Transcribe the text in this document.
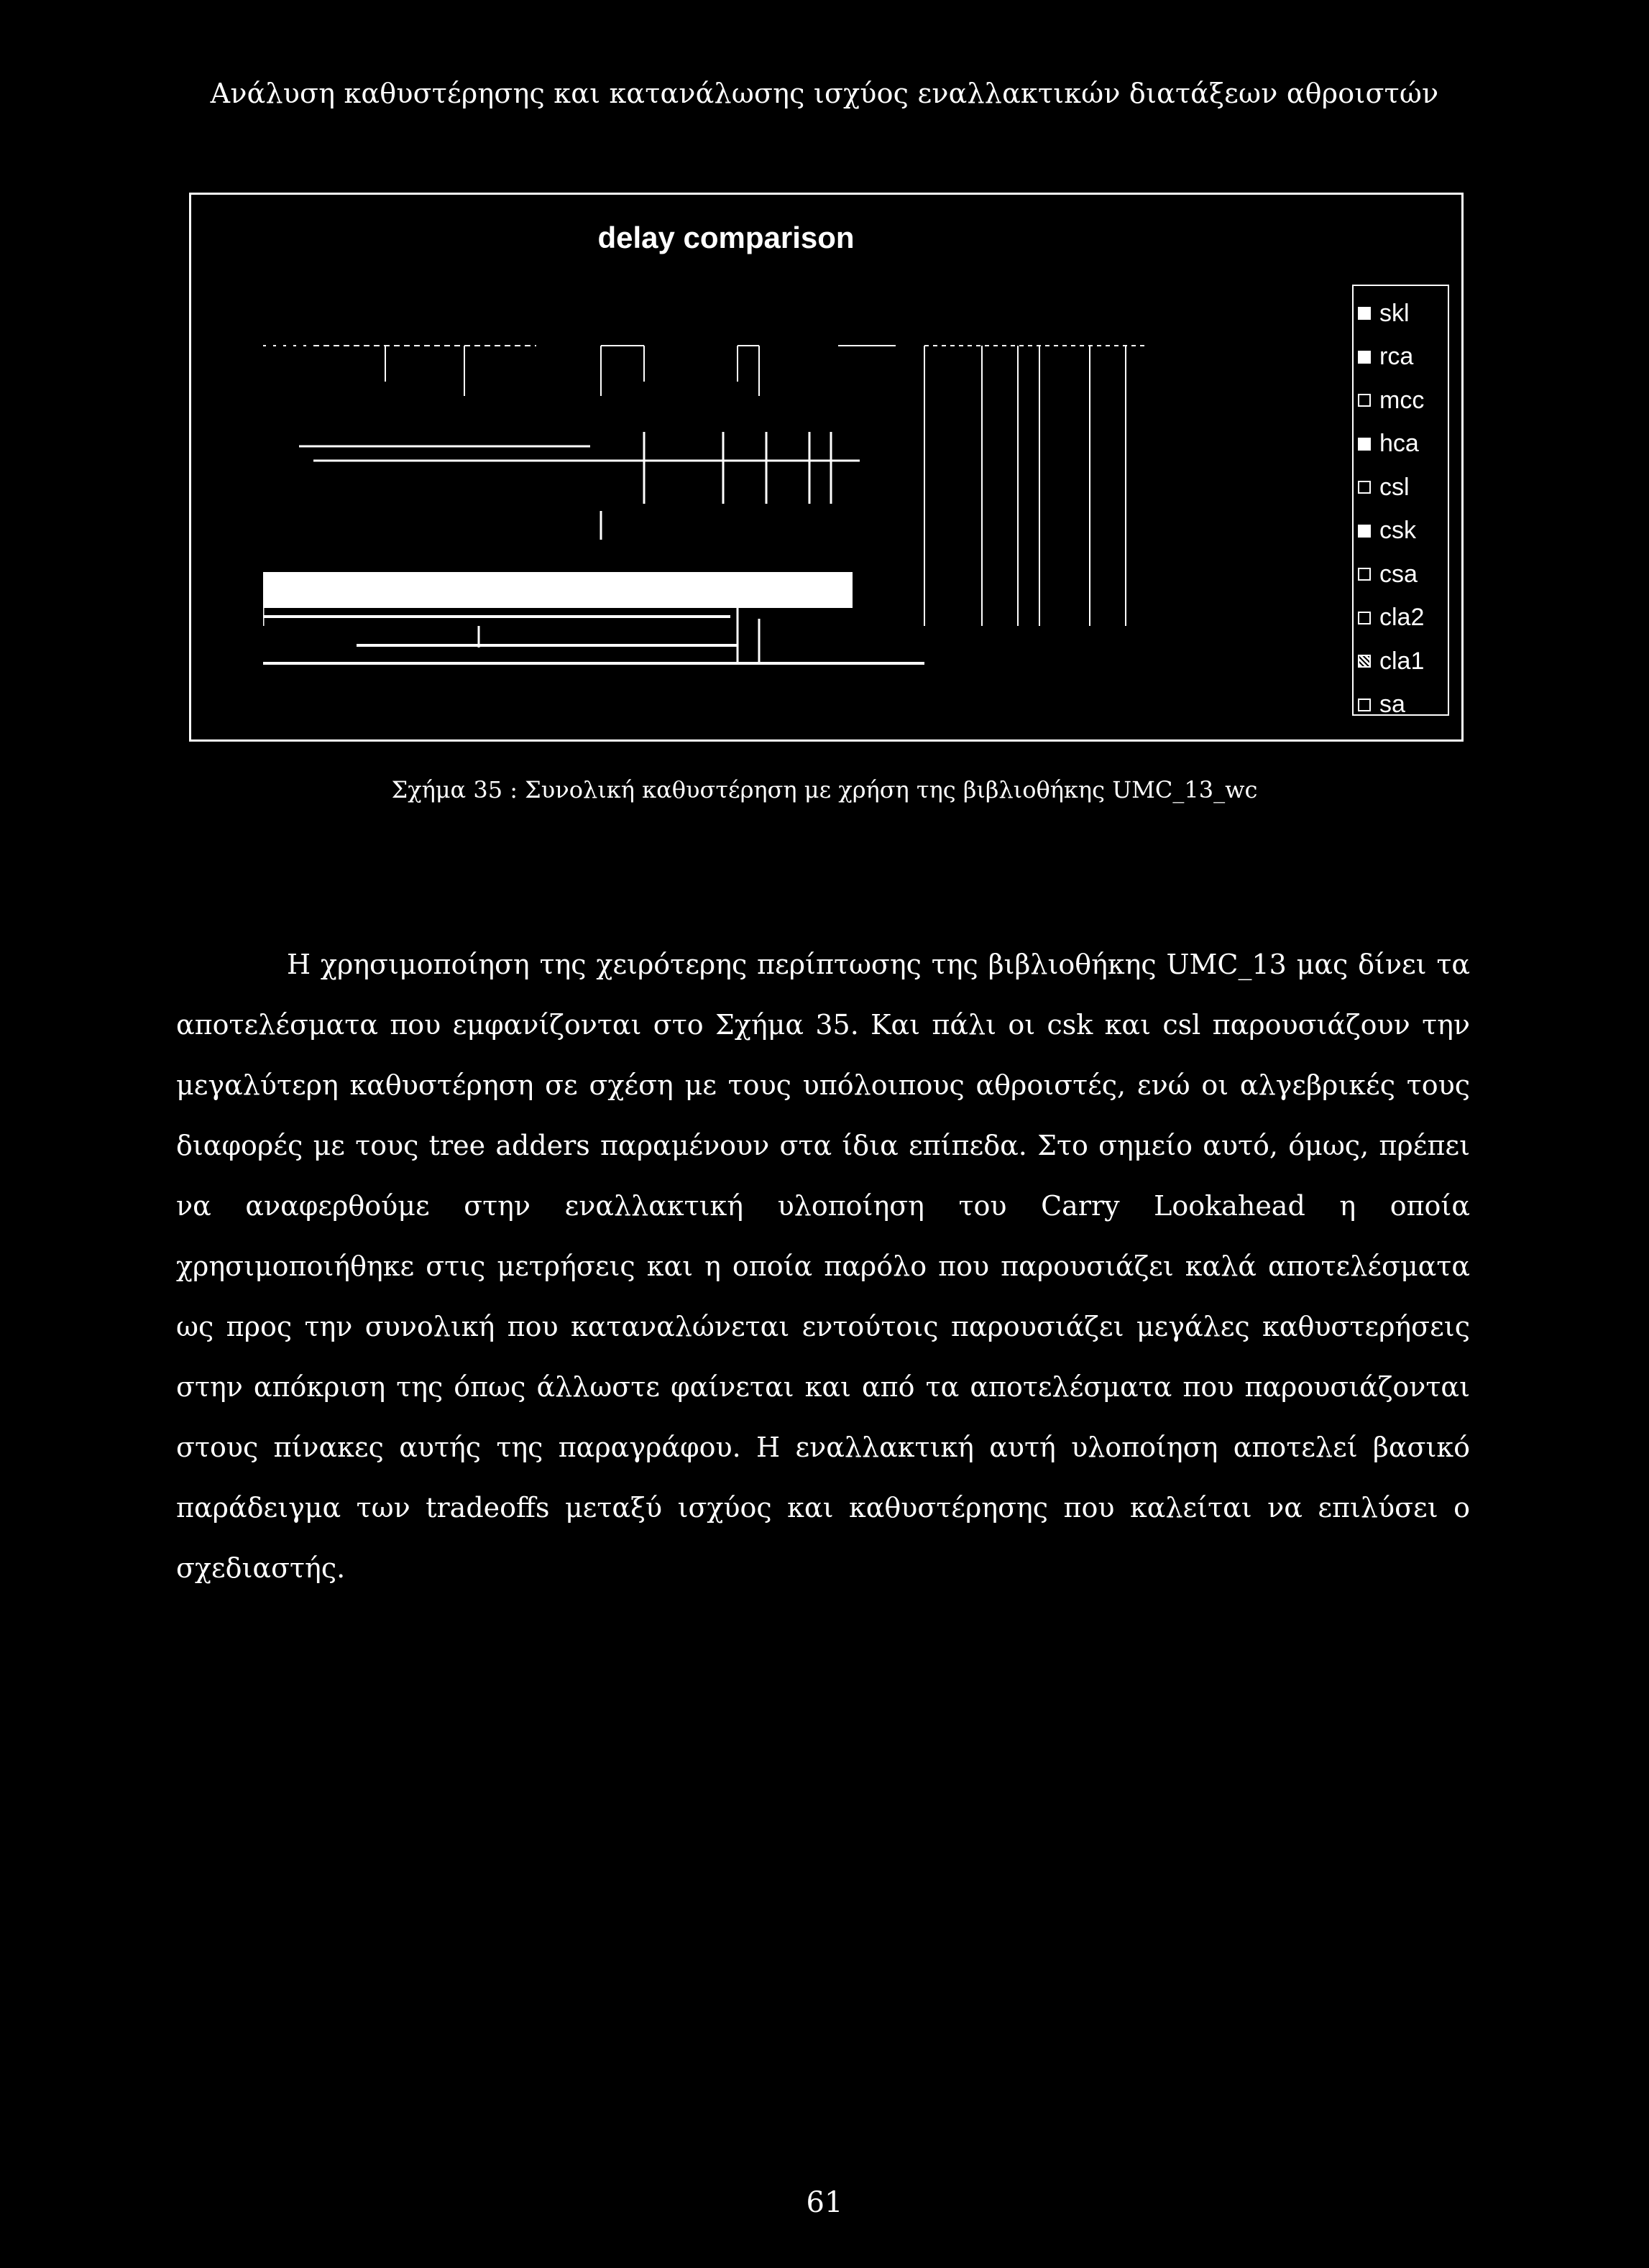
Ανάλυση καθυστέρησης και κατανάλωσης ισχύος εναλλακτικών διατάξεων αθροιστών
delay comparison
skl
rca
mcc
hca
csl
csk
csa
cla2
cla1
sa
Σχήμα 35 : Συνολική καθυστέρηση με χρήση της βιβλιοθήκης UMC_13_wc
Η χρησιμοποίηση της χειρότερης περίπτωσης της βιβλιοθήκης UMC_13 μας δίνει τα αποτελέσματα που εμφανίζονται στο Σχήμα 35. Και πάλι οι csk και csl παρουσιάζουν την μεγαλύτερη καθυστέρηση σε σχέση με τους υπόλοιπους αθροιστές, ενώ οι αλγεβρικές τους διαφορές με τους tree adders παραμένουν στα ίδια επίπεδα. Στο σημείο αυτό, όμως, πρέπει να αναφερθούμε στην εναλλακτική υλοποίηση του Carry Lookahead η οποία χρησιμοποιήθηκε στις μετρήσεις και η οποία παρόλο που παρουσιάζει καλά αποτελέσματα ως προς την συνολική που καταναλώνεται εντούτοις παρουσιάζει μεγάλες καθυστερήσεις στην απόκριση της όπως άλλωστε φαίνεται και από τα αποτελέσματα που παρουσιάζονται στους πίνακες αυτής της παραγράφου. Η εναλλακτική αυτή υλοποίηση αποτελεί βασικό παράδειγμα των tradeoffs μεταξύ ισχύος και καθυστέρησης που καλείται να επιλύσει ο σχεδιαστής.
61
